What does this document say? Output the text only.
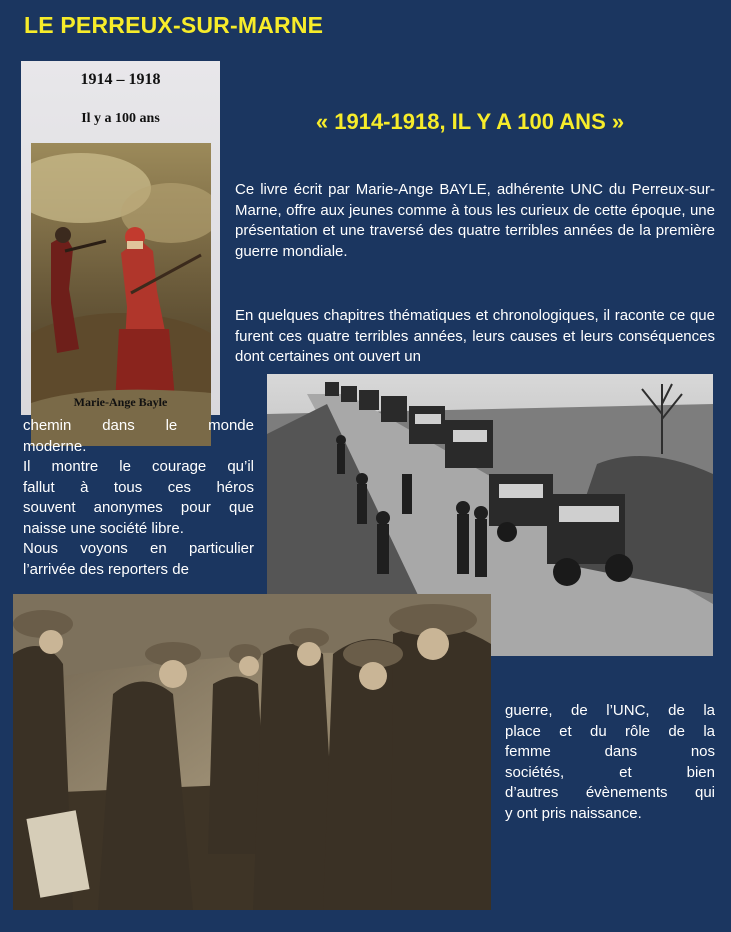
LE PERREUX-SUR-MARNE
1914 – 1918
Il y a 100 ans
Marie-Ange Bayle
« 1914-1918, IL Y A 100 ANS »

Ce livre écrit par Marie-Ange BAYLE, adhérente UNC du Perreux-sur-Marne, offre aux jeunes comme à tous les curieux de cette époque, une présentation et une traversé des quatre terribles années de la première guerre mondiale.

En quelques chapitres thématiques et chronologiques, il raconte ce que furent ces quatre terribles années, leurs causes et leurs conséquences dont certaines ont ouvert un

chemin dans le monde
moderne.
Il montre le courage qu’il
fallut à tous ces héros
souvent anonymes pour que
naisse une société libre.
Nous voyons en particulier
l’arrivée des reporters de
guerre, de l’UNC, de la
place et du rôle de la
femme dans nos
sociétés, et bien
d’autres évènements qui
y ont pris naissance.
